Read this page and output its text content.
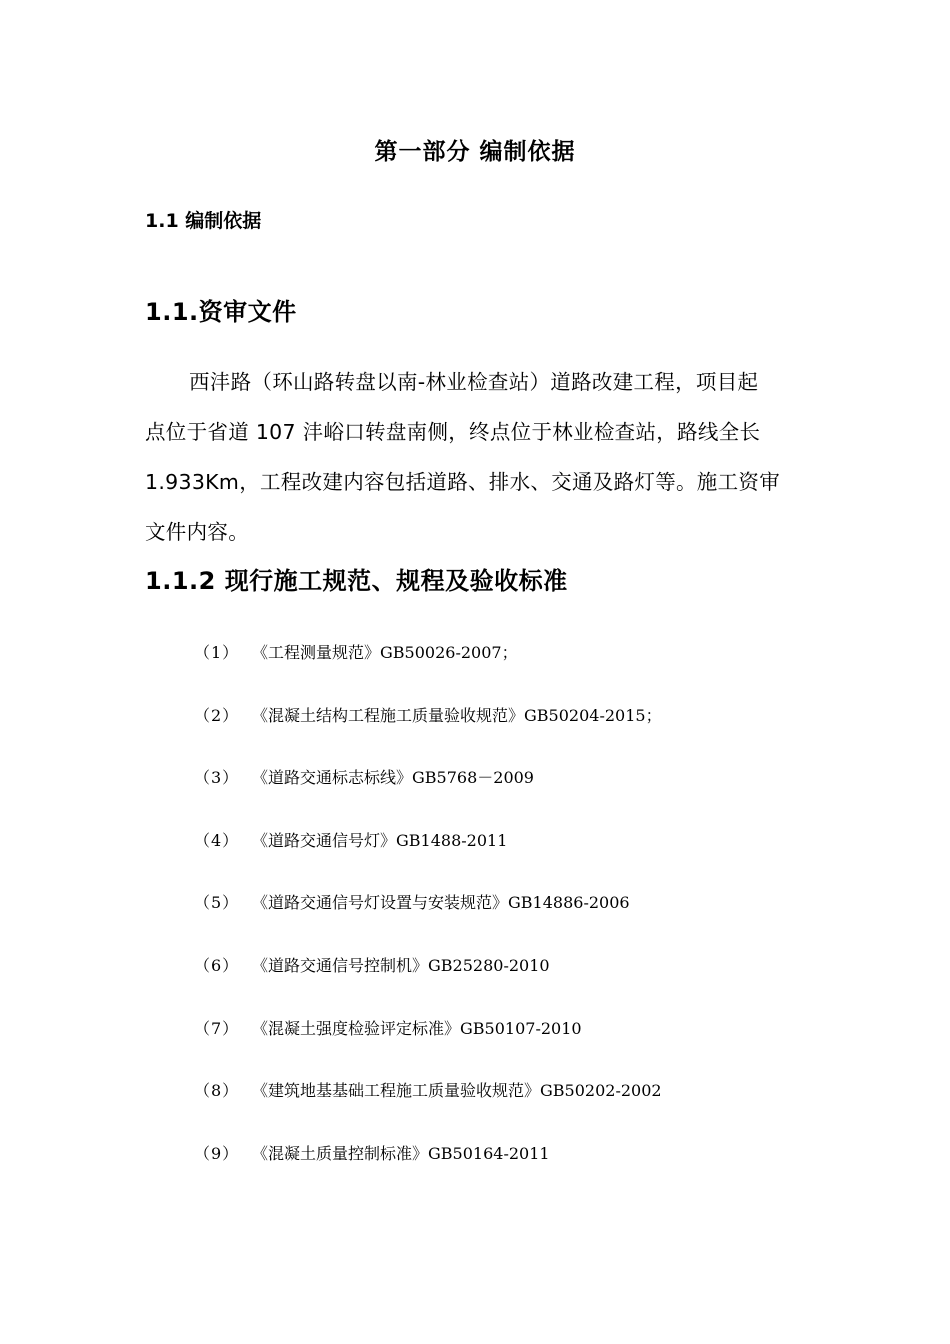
第一部分 编制依据
1.1 编制依据
1.1.资审文件
西沣路（环山路转盘以南-林业检查站）道路改建工程，项目起
点位于省道 107 沣峪口转盘南侧，终点位于林业检查站，路线全长
1.933Km，工程改建内容包括道路、排水、交通及路灯等。施工资审
文件内容。
1.1.2 现行施工规范、规程及验收标准
（1） 《工程测量规范》GB50026-2007；
（2） 《混凝土结构工程施工质量验收规范》GB50204-2015；
（3） 《道路交通标志标线》GB5768－2009
（4） 《道路交通信号灯》GB1488-2011
（5） 《道路交通信号灯设置与安装规范》GB14886-2006
（6） 《道路交通信号控制机》GB25280-2010
（7） 《混凝土强度检验评定标准》GB50107-2010
（8） 《建筑地基基础工程施工质量验收规范》GB50202-2002
（9） 《混凝土质量控制标准》GB50164-2011
